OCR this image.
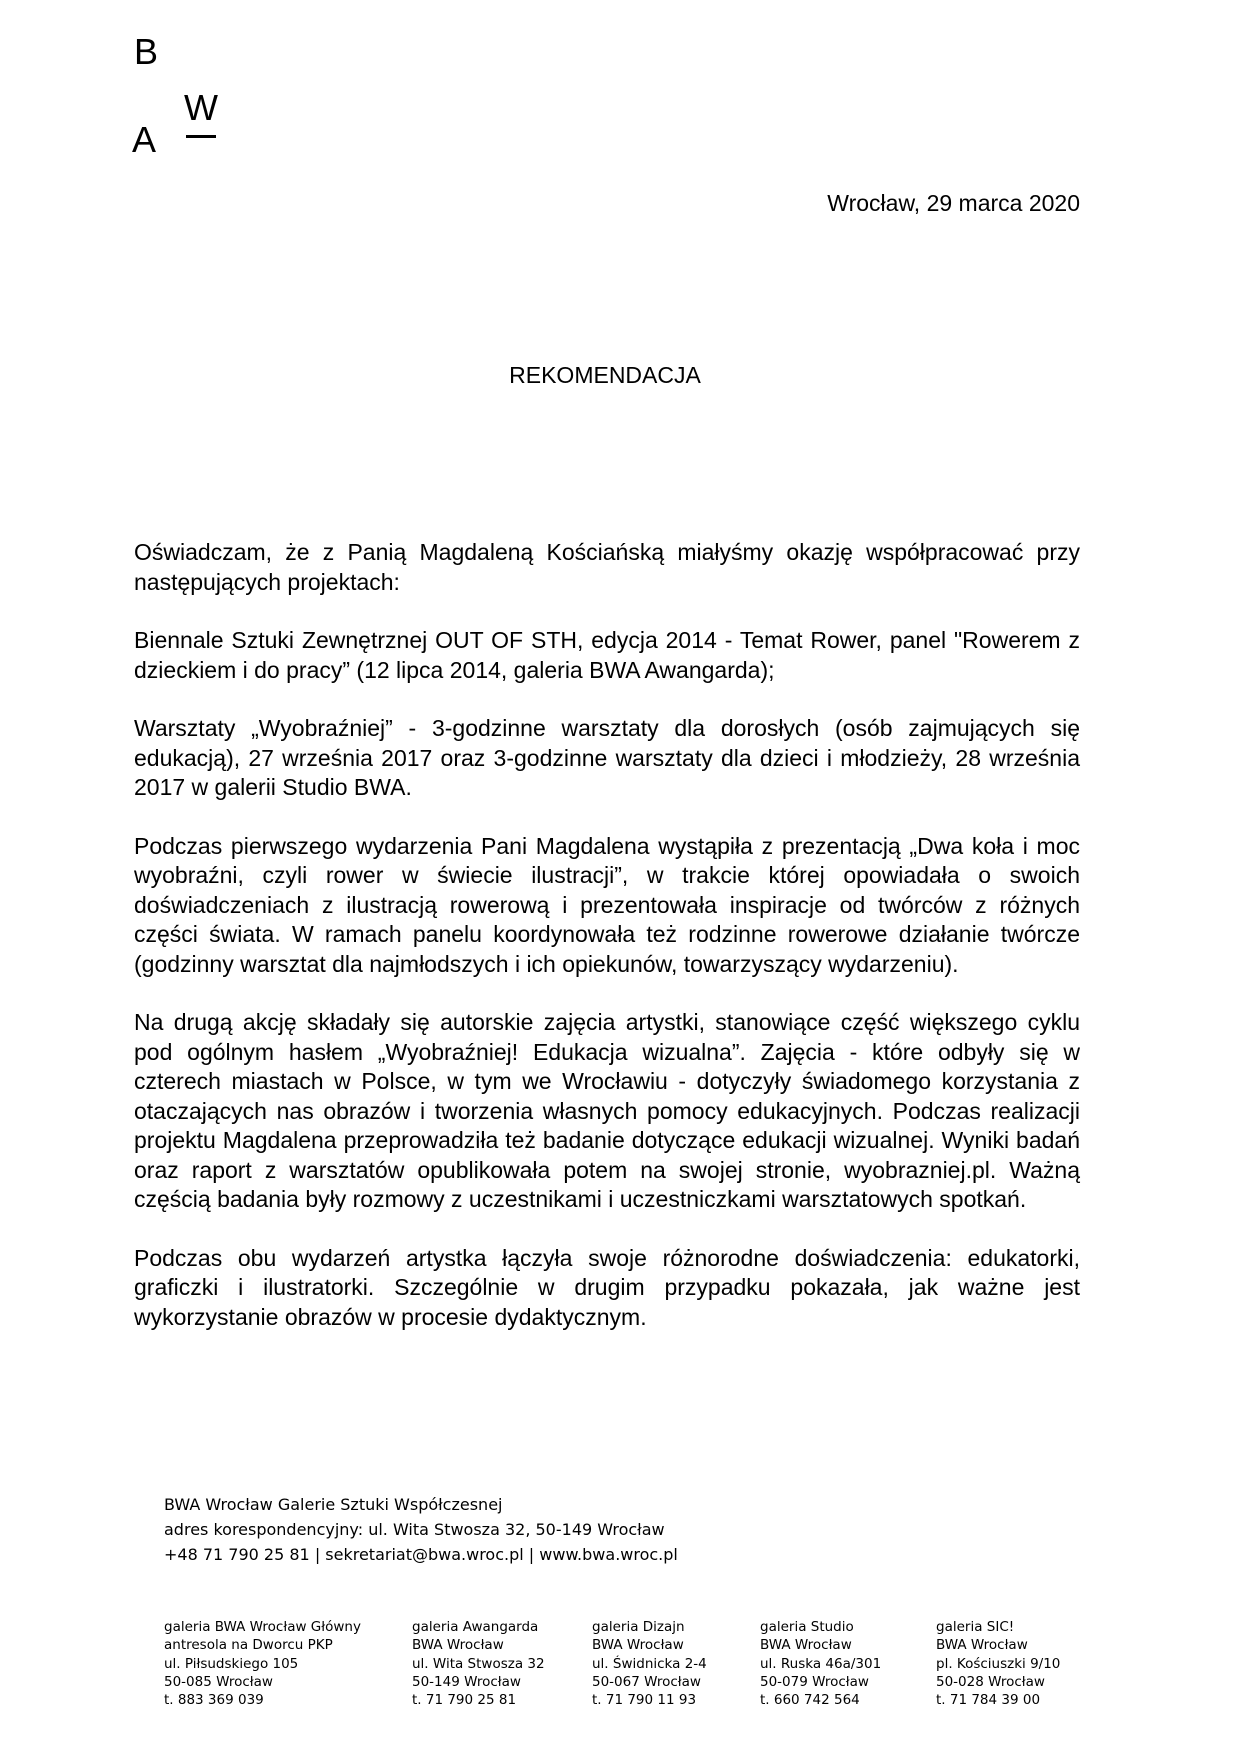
B
W
A
Wrocław, 29 marca 2020
REKOMENDACJA

Oświadczam, że z Panią Magdaleną Kościańską miałyśmy okazję współpracować przy następujących projektach:

Biennale Sztuki Zewnętrznej OUT OF STH, edycja 2014 - Temat Rower, panel "Rowerem z dzieckiem i do pracy” (12 lipca 2014, galeria BWA Awangarda);

Warsztaty „Wyobraźniej” - 3-godzinne warsztaty dla dorosłych (osób zajmujących się edukacją), 27 września 2017 oraz 3-godzinne warsztaty dla dzieci i młodzieży, 28 września 2017 w galerii Studio BWA.

Podczas pierwszego wydarzenia Pani Magdalena wystąpiła z prezentacją „Dwa koła i moc wyobraźni, czyli rower w świecie ilustracji”, w trakcie której opowiadała o swoich doświadczeniach z ilustracją rowerową i prezentowała inspiracje od twórców z różnych części świata. W ramach panelu koordynowała też rodzinne rowerowe działanie twórcze (godzinny warsztat dla najmłodszych i ich opiekunów, towarzyszący wydarzeniu).

Na drugą akcję składały się autorskie zajęcia artystki, stanowiące część większego cyklu pod ogólnym hasłem „Wyobraźniej! Edukacja wizualna”. Zajęcia - które odbyły się w czterech miastach w Polsce, w tym we Wrocławiu - dotyczyły świadomego korzystania z otaczających nas obrazów i tworzenia własnych pomocy edukacyjnych. Podczas realizacji projektu Magdalena przeprowadziła też badanie dotyczące edukacji wizualnej. Wyniki badań oraz raport z warsztatów opublikowała potem na swojej stronie, wyobrazniej.pl. Ważną częścią badania były rozmowy z uczestnikami i uczestniczkami warsztatowych spotkań.

Podczas obu wydarzeń artystka łączyła swoje różnorodne doświadczenia: edukatorki, graficzki i ilustratorki. Szczególnie w drugim przypadku pokazała, jak ważne jest wykorzystanie obrazów w procesie dydaktycznym.

BWA Wrocław Galerie Sztuki Współczesnej
adres korespondencyjny: ul. Wita Stwosza 32, 50-149 Wrocław
+48 71 790 25 81 | sekretariat@bwa.wroc.pl | www.bwa.wroc.pl
galeria BWA Wrocław Główny
antresola na Dworcu PKP
ul. Piłsudskiego 105
50-085 Wrocław
t. 883 369 039
galeria Awangarda
BWA Wrocław
ul. Wita Stwosza 32
50-149 Wrocław
t. 71 790 25 81
galeria Dizajn
BWA Wrocław
ul. Świdnicka 2-4
50-067 Wrocław
t. 71 790 11 93
galeria Studio
BWA Wrocław
ul. Ruska 46a/301
50-079 Wrocław
t. 660 742 564
galeria SIC!
BWA Wrocław
pl. Kościuszki 9/10
50-028 Wrocław
t. 71 784 39 00
